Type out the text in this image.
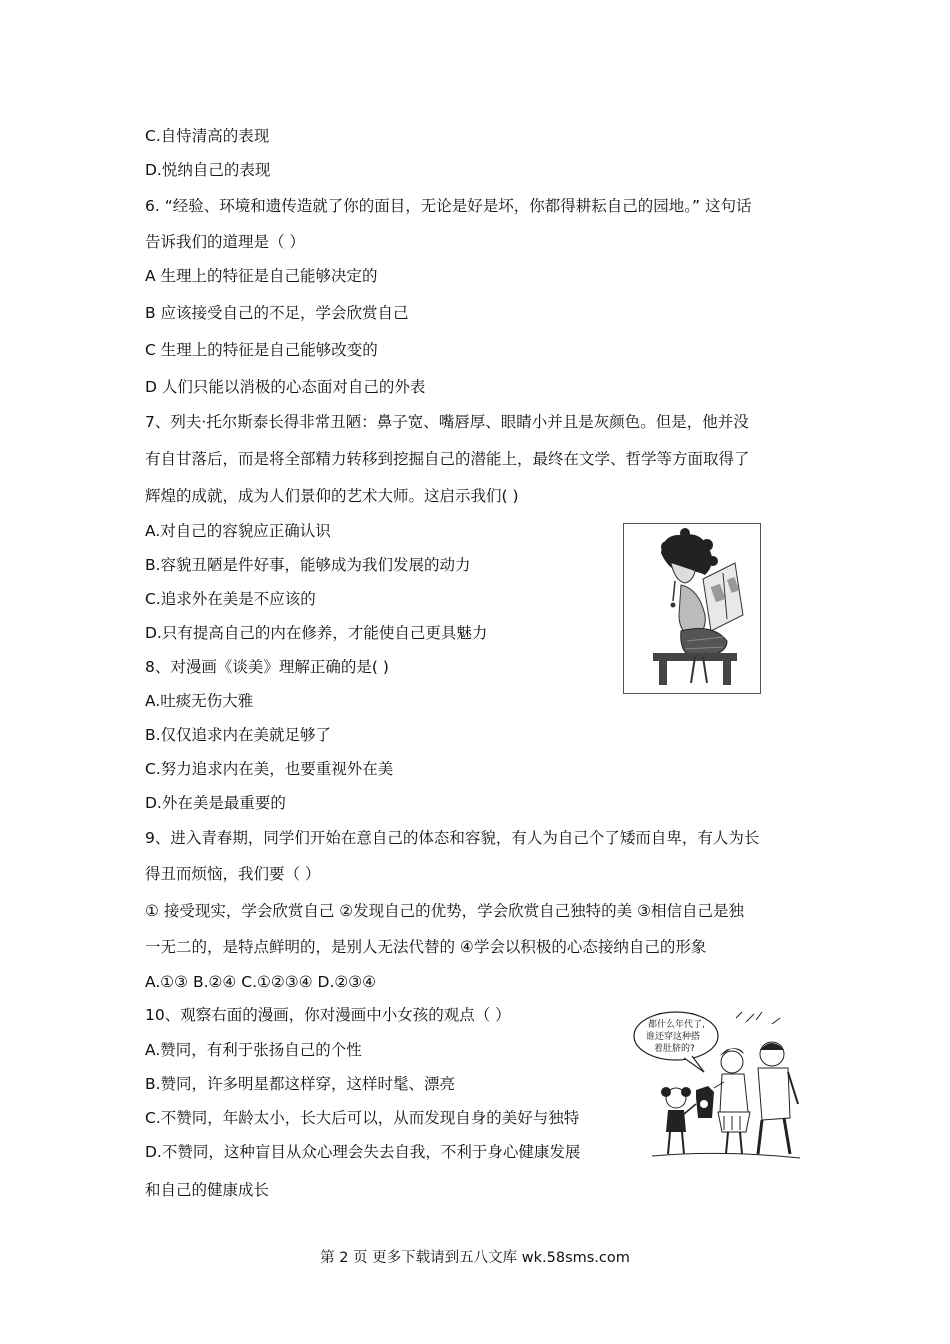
C.自恃清高的表现
D.悦纳自己的表现
6. “经验、环境和遗传造就了你的面目，无论是好是坏，你都得耕耘自己的园地。” 这句话
告诉我们的道理是（ ）
A 生理上的特征是自己能够决定的
B 应该接受自己的不足，学会欣赏自己
C 生理上的特征是自己能够改变的
D 人们只能以消极的心态面对自己的外表
7、列夫·托尔斯泰长得非常丑陋：鼻子宽、嘴唇厚、眼睛小并且是灰颜色。但是，他并没
有自甘落后，而是将全部精力转移到挖掘自己的潜能上，最终在文学、哲学等方面取得了
辉煌的成就，成为人们景仰的艺术大师。这启示我们( )
A.对自己的容貌应正确认识
B.容貌丑陋是件好事，能够成为我们发展的动力
C.追求外在美是不应该的
D.只有提高自己的内在修养，才能使自己更具魅力
8、对漫画《谈美》理解正确的是( )
A.吐痰无伤大雅
B.仅仅追求内在美就足够了
C.努力追求内在美，也要重视外在美
D.外在美是最重要的
9、进入青春期，同学们开始在意自己的体态和容貌，有人为自己个了矮而自卑，有人为长
得丑而烦恼，我们要（ ）
① 接受现实，学会欣赏自己 ②发现自己的优势，学会欣赏自己独特的美 ③相信自己是独
一无二的，是特点鲜明的，是别人无法代替的 ④学会以积极的心态接纳自己的形象
A.①③ B.②④ C.①②③④ D.②③④
10、观察右面的漫画，你对漫画中小女孩的观点（ ）
A.赞同，有利于张扬自己的个性
B.赞同，许多明星都这样穿，这样时髦、漂亮
C.不赞同，年龄太小，长大后可以，从而发现自身的美好与独特
D.不赞同，这种盲目从众心理会失去自我，不利于身心健康发展
和自己的健康成长
都什么年代了,
谁还穿这种搭
着肚脐的?
第 2 页 更多下载请到五八文库 wk.58sms.com
